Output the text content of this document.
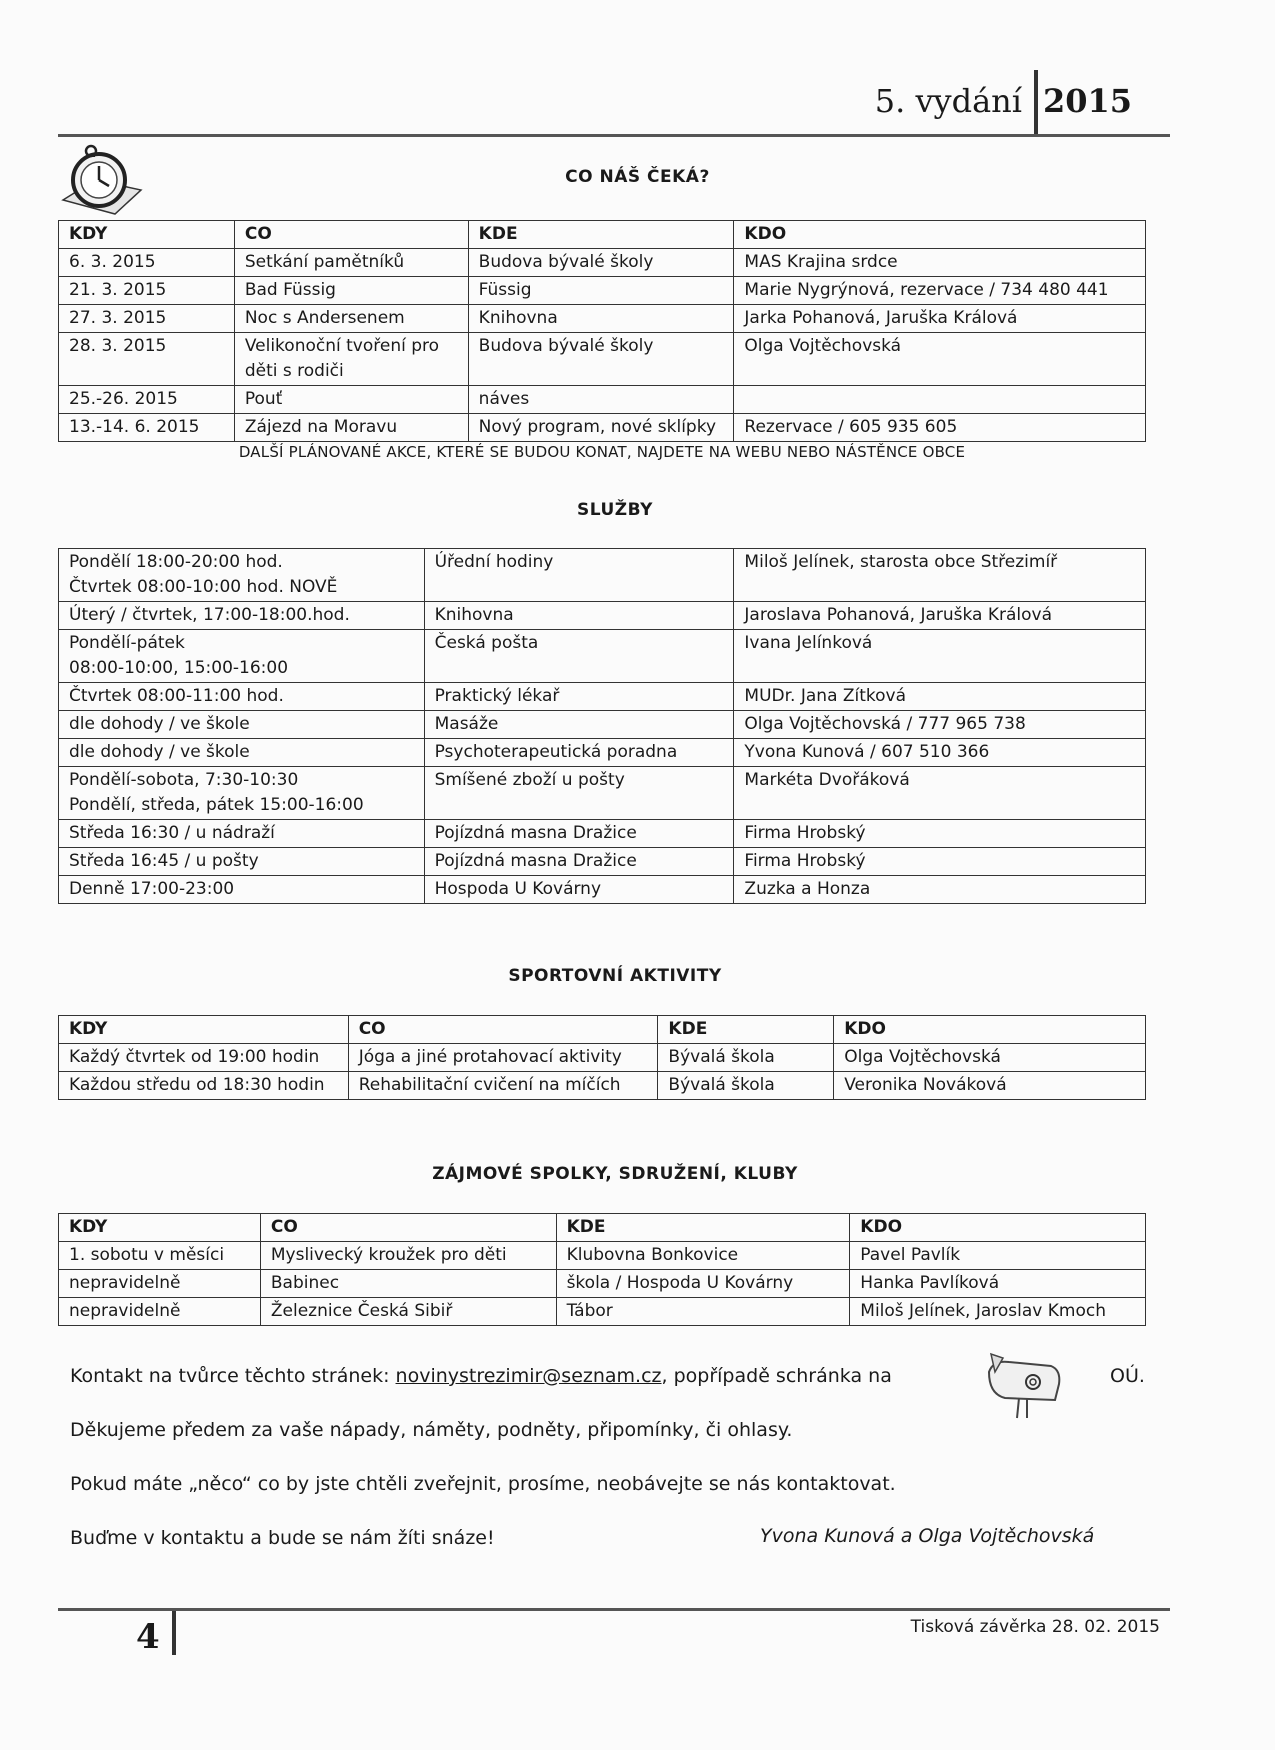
5. vydání 2015
CO NÁŠ ČEKÁ?
KDY	CO	KDE	KDO
6. 3. 2015	Setkání pamětníků	Budova bývalé školy	MAS Krajina srdce
21. 3. 2015	Bad Füssig	Füssig	Marie Nygrýnová, rezervace / 734 480 441
27. 3. 2015	Noc s Andersenem	Knihovna	Jarka Pohanová, Jaruška Králová
28. 3. 2015	Velikonoční tvoření pro děti s rodiči	Budova bývalé školy	Olga Vojtěchovská
25.-26. 2015	Pouť	náves	
13.-14. 6. 2015	Zájezd na Moravu	Nový program, nové sklípky	Rezervace / 605 935 605
DALŠÍ PLÁNOVANÉ AKCE, KTERÉ SE BUDOU KONAT, NAJDETE NA WEBU NEBO NÁSTĚNCE OBCE
SLUŽBY
Pondělí 18:00-20:00 hod.
Čtvrtek 08:00-10:00 hod. NOVĚ	Úřední hodiny	Miloš Jelínek, starosta obce Střezimíř
Úterý / čtvrtek, 17:00-18:00.hod.	Knihovna	Jaroslava Pohanová, Jaruška Králová
Pondělí-pátek
08:00-10:00, 15:00-16:00	Česká pošta	Ivana Jelínková
Čtvrtek 08:00-11:00 hod.	Praktický lékař	MUDr. Jana Zítková
dle dohody / ve škole	Masáže	Olga Vojtěchovská / 777 965 738
dle dohody / ve škole	Psychoterapeutická poradna	Yvona Kunová / 607 510 366
Pondělí-sobota, 7:30-10:30
Pondělí, středa, pátek 15:00-16:00	Smíšené zboží u pošty	Markéta Dvořáková
Středa 16:30 / u nádraží	Pojízdná masna Dražice	Firma Hrobský
Středa 16:45 / u pošty	Pojízdná masna Dražice	Firma Hrobský
Denně 17:00-23:00	Hospoda U Kovárny	Zuzka a Honza
SPORTOVNÍ AKTIVITY
KDY	CO	KDE	KDO
Každý čtvrtek od 19:00 hodin	Jóga a jiné protahovací aktivity	Bývalá škola	Olga Vojtěchovská
Každou středu od 18:30 hodin	Rehabilitační cvičení na míčích	Bývalá škola	Veronika Nováková
ZÁJMOVÉ SPOLKY, SDRUŽENÍ, KLUBY
KDY	CO	KDE	KDO
1. sobotu v měsíci	Myslivecký kroužek pro děti	Klubovna Bonkovice	Pavel Pavlík
nepravidelně	Babinec	škola / Hospoda U Kovárny	Hanka Pavlíková
nepravidelně	Železnice Česká Sibiř	Tábor	Miloš Jelínek, Jaroslav Kmoch
Kontakt na tvůrce těchto stránek: novinystrezimir@seznam.cz, popřípadě schránka na	OÚ.
Děkujeme předem za vaše nápady, náměty, podněty, připomínky, či ohlasy.
Pokud máte „něco“ co by jste chtěli zveřejnit, prosíme, neobávejte se nás kontaktovat.
Buďme v kontaktu a bude se nám žíti snáze!	Yvona Kunová a Olga Vojtěchovská
4	Tisková závěrka 28. 02. 2015
